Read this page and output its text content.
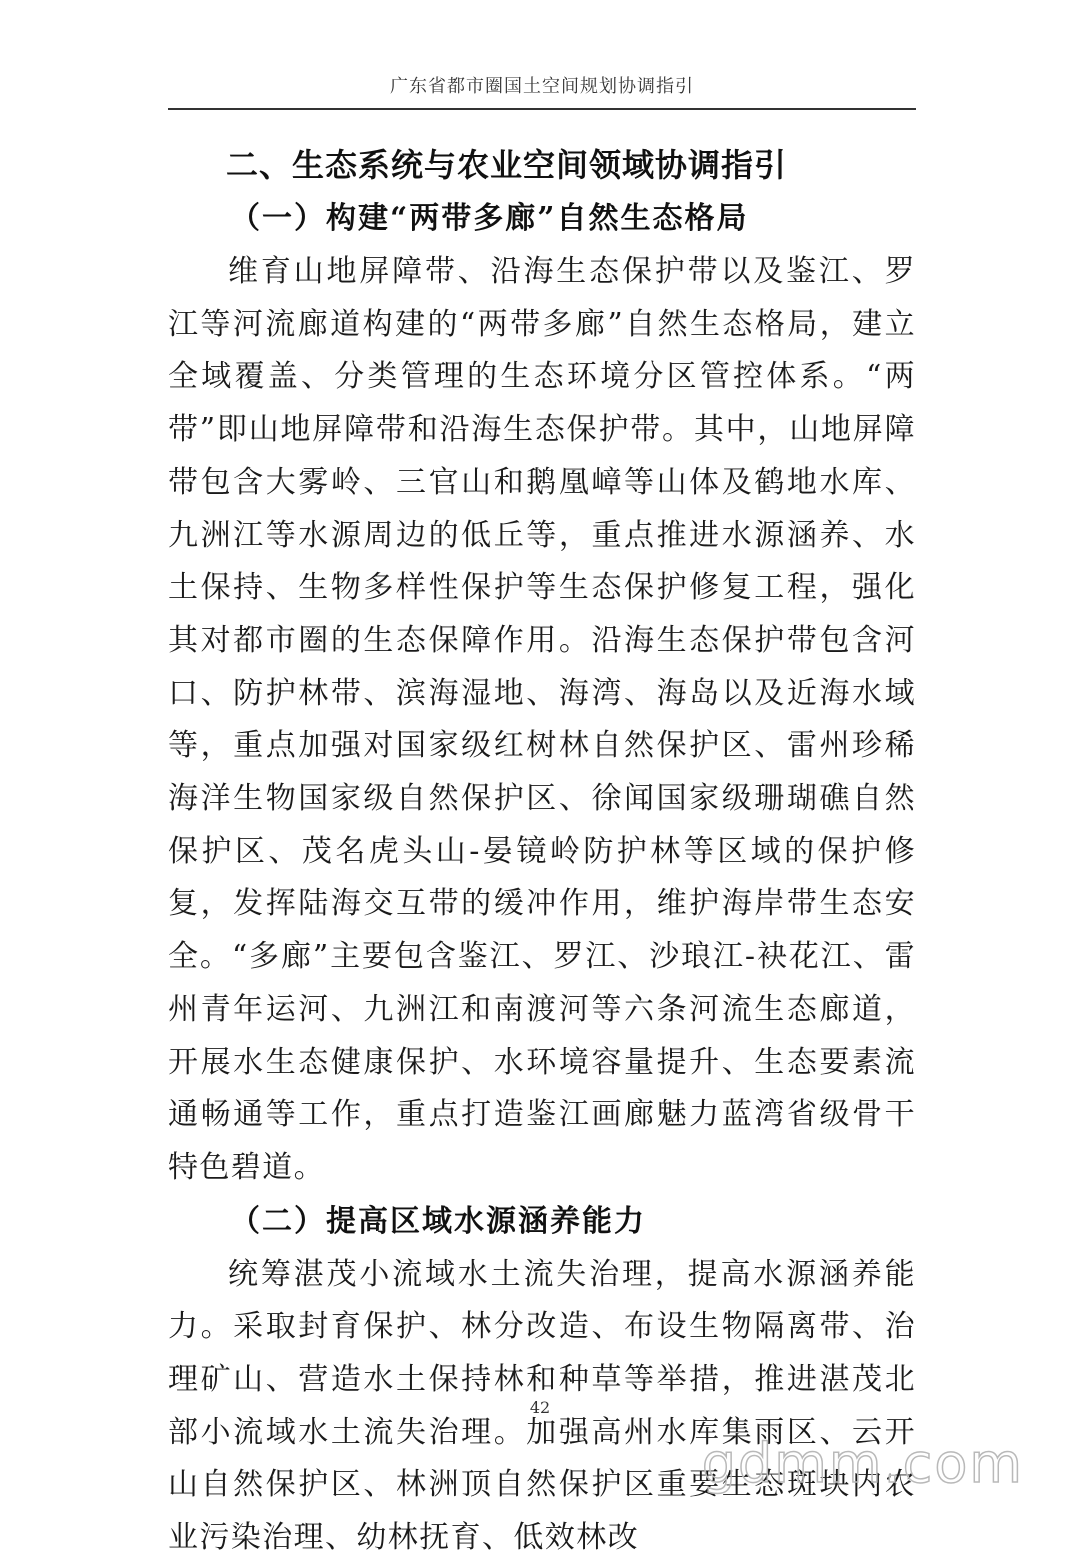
广东省都市圈国土空间规划协调指引
二、生态系统与农业空间领域协调指引
（一）构建“两带多廊”自然生态格局

维育山地屏障带、沿海生态保护带以及鉴江、罗江等河流廊道构建的“两带多廊”自然生态格局，建立全域覆盖、分类管理的生态环境分区管控体系。“两带”即山地屏障带和沿海生态保护带。其中，山地屏障带包含大雾岭、三官山和鹅凰嶂等山体及鹤地水库、九洲江等水源周边的低丘等，重点推进水源涵养、水土保持、生物多样性保护等生态保护修复工程，强化其对都市圈的生态保障作用。沿海生态保护带包含河口、防护林带、滨海湿地、海湾、海岛以及近海水域等，重点加强对国家级红树林自然保护区、雷州珍稀海洋生物国家级自然保护区、徐闻国家级珊瑚礁自然保护区、茂名虎头山-晏镜岭防护林等区域的保护修复，发挥陆海交互带的缓冲作用，维护海岸带生态安全。“多廊”主要包含鉴江、罗江、沙琅江-袂花江、雷州青年运河、九洲江和南渡河等六条河流生态廊道，开展水生态健康保护、水环境容量提升、生态要素流通畅通等工作，重点打造鉴江画廊魅力蓝湾省级骨干特色碧道。

（二）提高区域水源涵养能力

统筹湛茂小流域水土流失治理，提高水源涵养能力。采取封育保护、林分改造、布设生物隔离带、治理矿山、营造水土保持林和种草等举措，推进湛茂北部小流域水土流失治理。加强高州水库集雨区、云开山自然保护区、林洲顶自然保护区重要生态斑块内农业污染治理、幼林抚育、低效林改

42
gdmm.com
